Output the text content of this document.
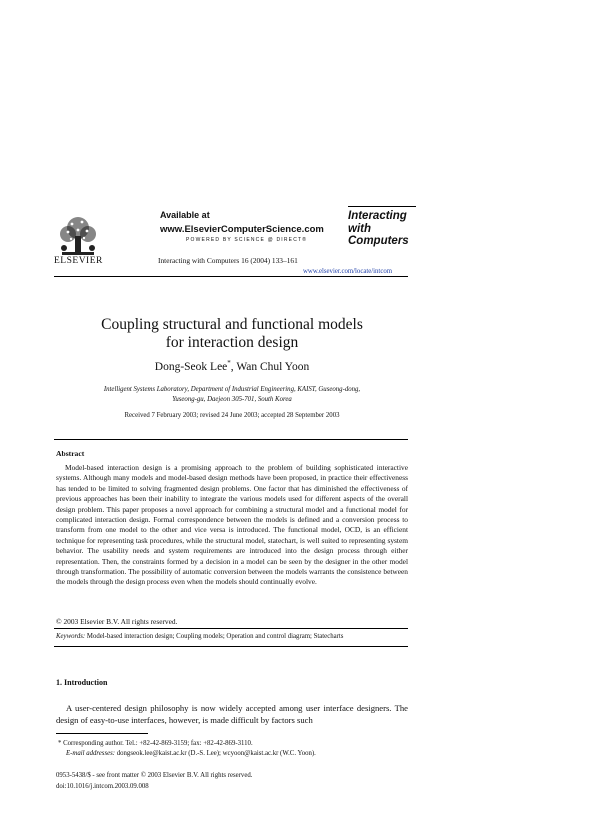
ELSEVIER
Available at
www.ElsevierComputerScience.com
POWERED BY SCIENCE @ DIRECT®
Interacting with Computers 16 (2004) 133–161
Interacting
with
Computers
www.elsevier.com/locate/intcom
Coupling structural and functional models
for interaction design
Dong-Seok Lee*, Wan Chul Yoon
Intelligent Systems Laboratory, Department of Industrial Engineering, KAIST, Guseong-dong,
Yuseong-gu, Daejeon 305-701, South Korea
Received 7 February 2003; revised 24 June 2003; accepted 28 September 2003
Abstract

Model-based interaction design is a promising approach to the problem of building sophisticated interactive systems. Although many models and model-based design methods have been proposed, in practice their effectiveness has tended to be limited to solving fragmented design problems. One factor that has diminished the effectiveness of previous approaches has been their inability to integrate the various models used for different aspects of the overall design problem. This paper proposes a novel approach for combining a structural model and a functional model for complicated interaction design. Formal correspondence between the models is defined and a conversion process to transform from one model to the other and vice versa is introduced. The functional model, OCD, is an efficient technique for representing task procedures, while the structural model, statechart, is well suited to representing system behavior. The usability needs and system requirements are introduced into the design process through either representation. Then, the constraints formed by a decision in a model can be seen by the designer in the other model through transformation. The possibility of automatic conversion between the models warrants the consistence between the models through the design process even when the models should continually evolve.

© 2003 Elsevier B.V. All rights reserved.
Keywords: Model-based interaction design; Coupling models; Operation and control diagram; Statecharts
1. Introduction
A user-centered design philosophy is now widely accepted among user interface designers. The design of easy-to-use interfaces, however, is made difficult by factors such
* Corresponding author. Tel.: +82-42-869-3159; fax: +82-42-869-3110.
E-mail addresses: dongseok.lee@kaist.ac.kr (D.-S. Lee); wcyoon@kaist.ac.kr (W.C. Yoon).
0953-5438/$ - see front matter © 2003 Elsevier B.V. All rights reserved.
doi:10.1016/j.intcom.2003.09.008
